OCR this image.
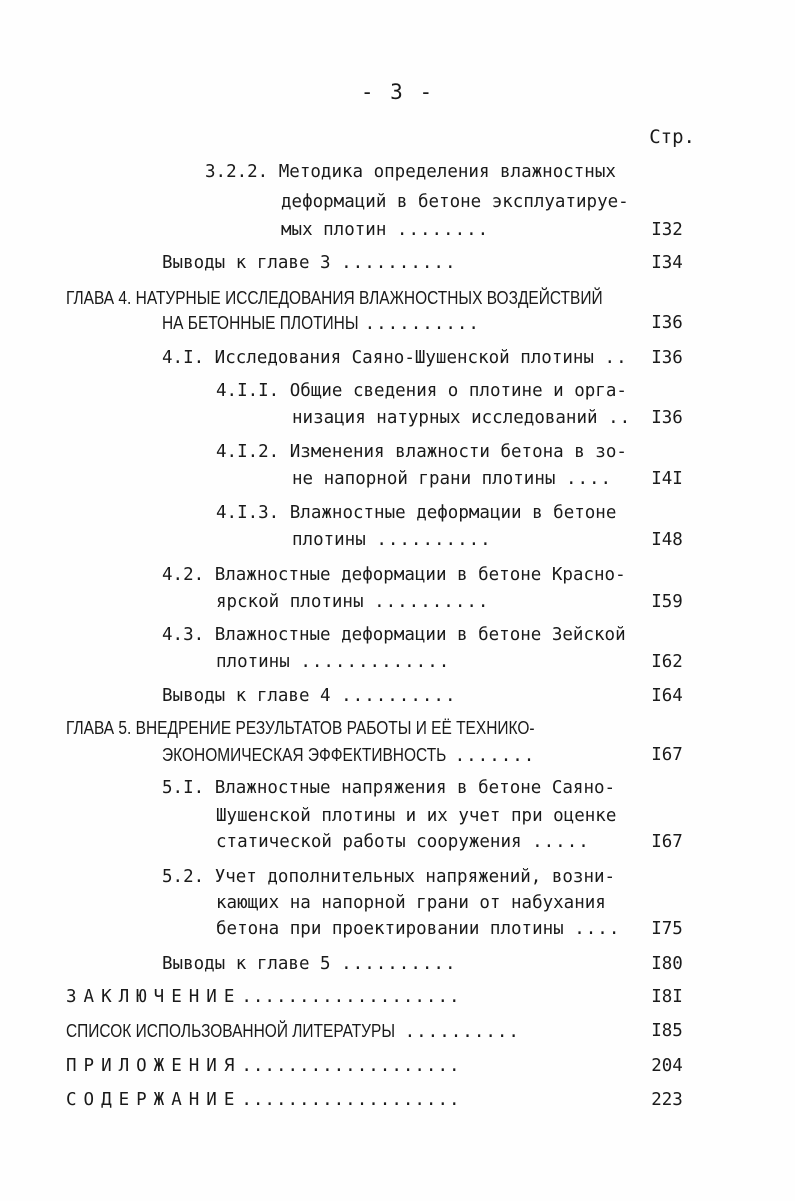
- 3 -
Стр.
3.2.2. Методика определения влажностных
деформаций в бетоне эксплуатируе-
мых плотин ........	I32
Выводы к главе 3 ..........	I34
ГЛАВА 4. НАТУРНЫЕ ИССЛЕДОВАНИЯ ВЛАЖНОСТНЫХ ВОЗДЕЙСТВИЙ
НА БЕТОННЫЕ ПЛОТИНЫ ..........	I36
4.I. Исследования Саяно-Шушенской плотины ..	I36
4.I.I. Общие сведения о плотине и орга-
низация натурных исследований ..	I36
4.I.2. Изменения влажности бетона в зо-
не напорной грани плотины ....	I4I
4.I.3. Влажностные деформации в бетоне
плотины ..........	I48
4.2. Влажностные деформации в бетоне Красно-
ярской плотины ..........	I59
4.3. Влажностные деформации в бетоне Зейской
плотины .............	I62
Выводы к главе 4 ..........	I64
ГЛАВА 5. ВНЕДРЕНИЕ РЕЗУЛЬТАТОВ РАБОТЫ И ЕЁ ТЕХНИКО-
ЭКОНОМИЧЕСКАЯ ЭФФЕКТИВНОСТЬ .......	I67
5.I. Влажностные напряжения в бетоне Саяно-
Шушенской плотины и их учет при оценке
статической работы сооружения .....	I67
5.2. Учет дополнительных напряжений, возни-
кающих на напорной грани от набухания
бетона при проектировании плотины ....	I75
Выводы к главе 5 ..........	I80
ЗАКЛЮЧЕНИЕ...................	I8I
СПИСОК ИСПОЛЬЗОВАННОЙ ЛИТЕРАТУРЫ ..........	I85
ПРИЛОЖЕНИЯ...................	204
СОДЕРЖАНИЕ...................	223
